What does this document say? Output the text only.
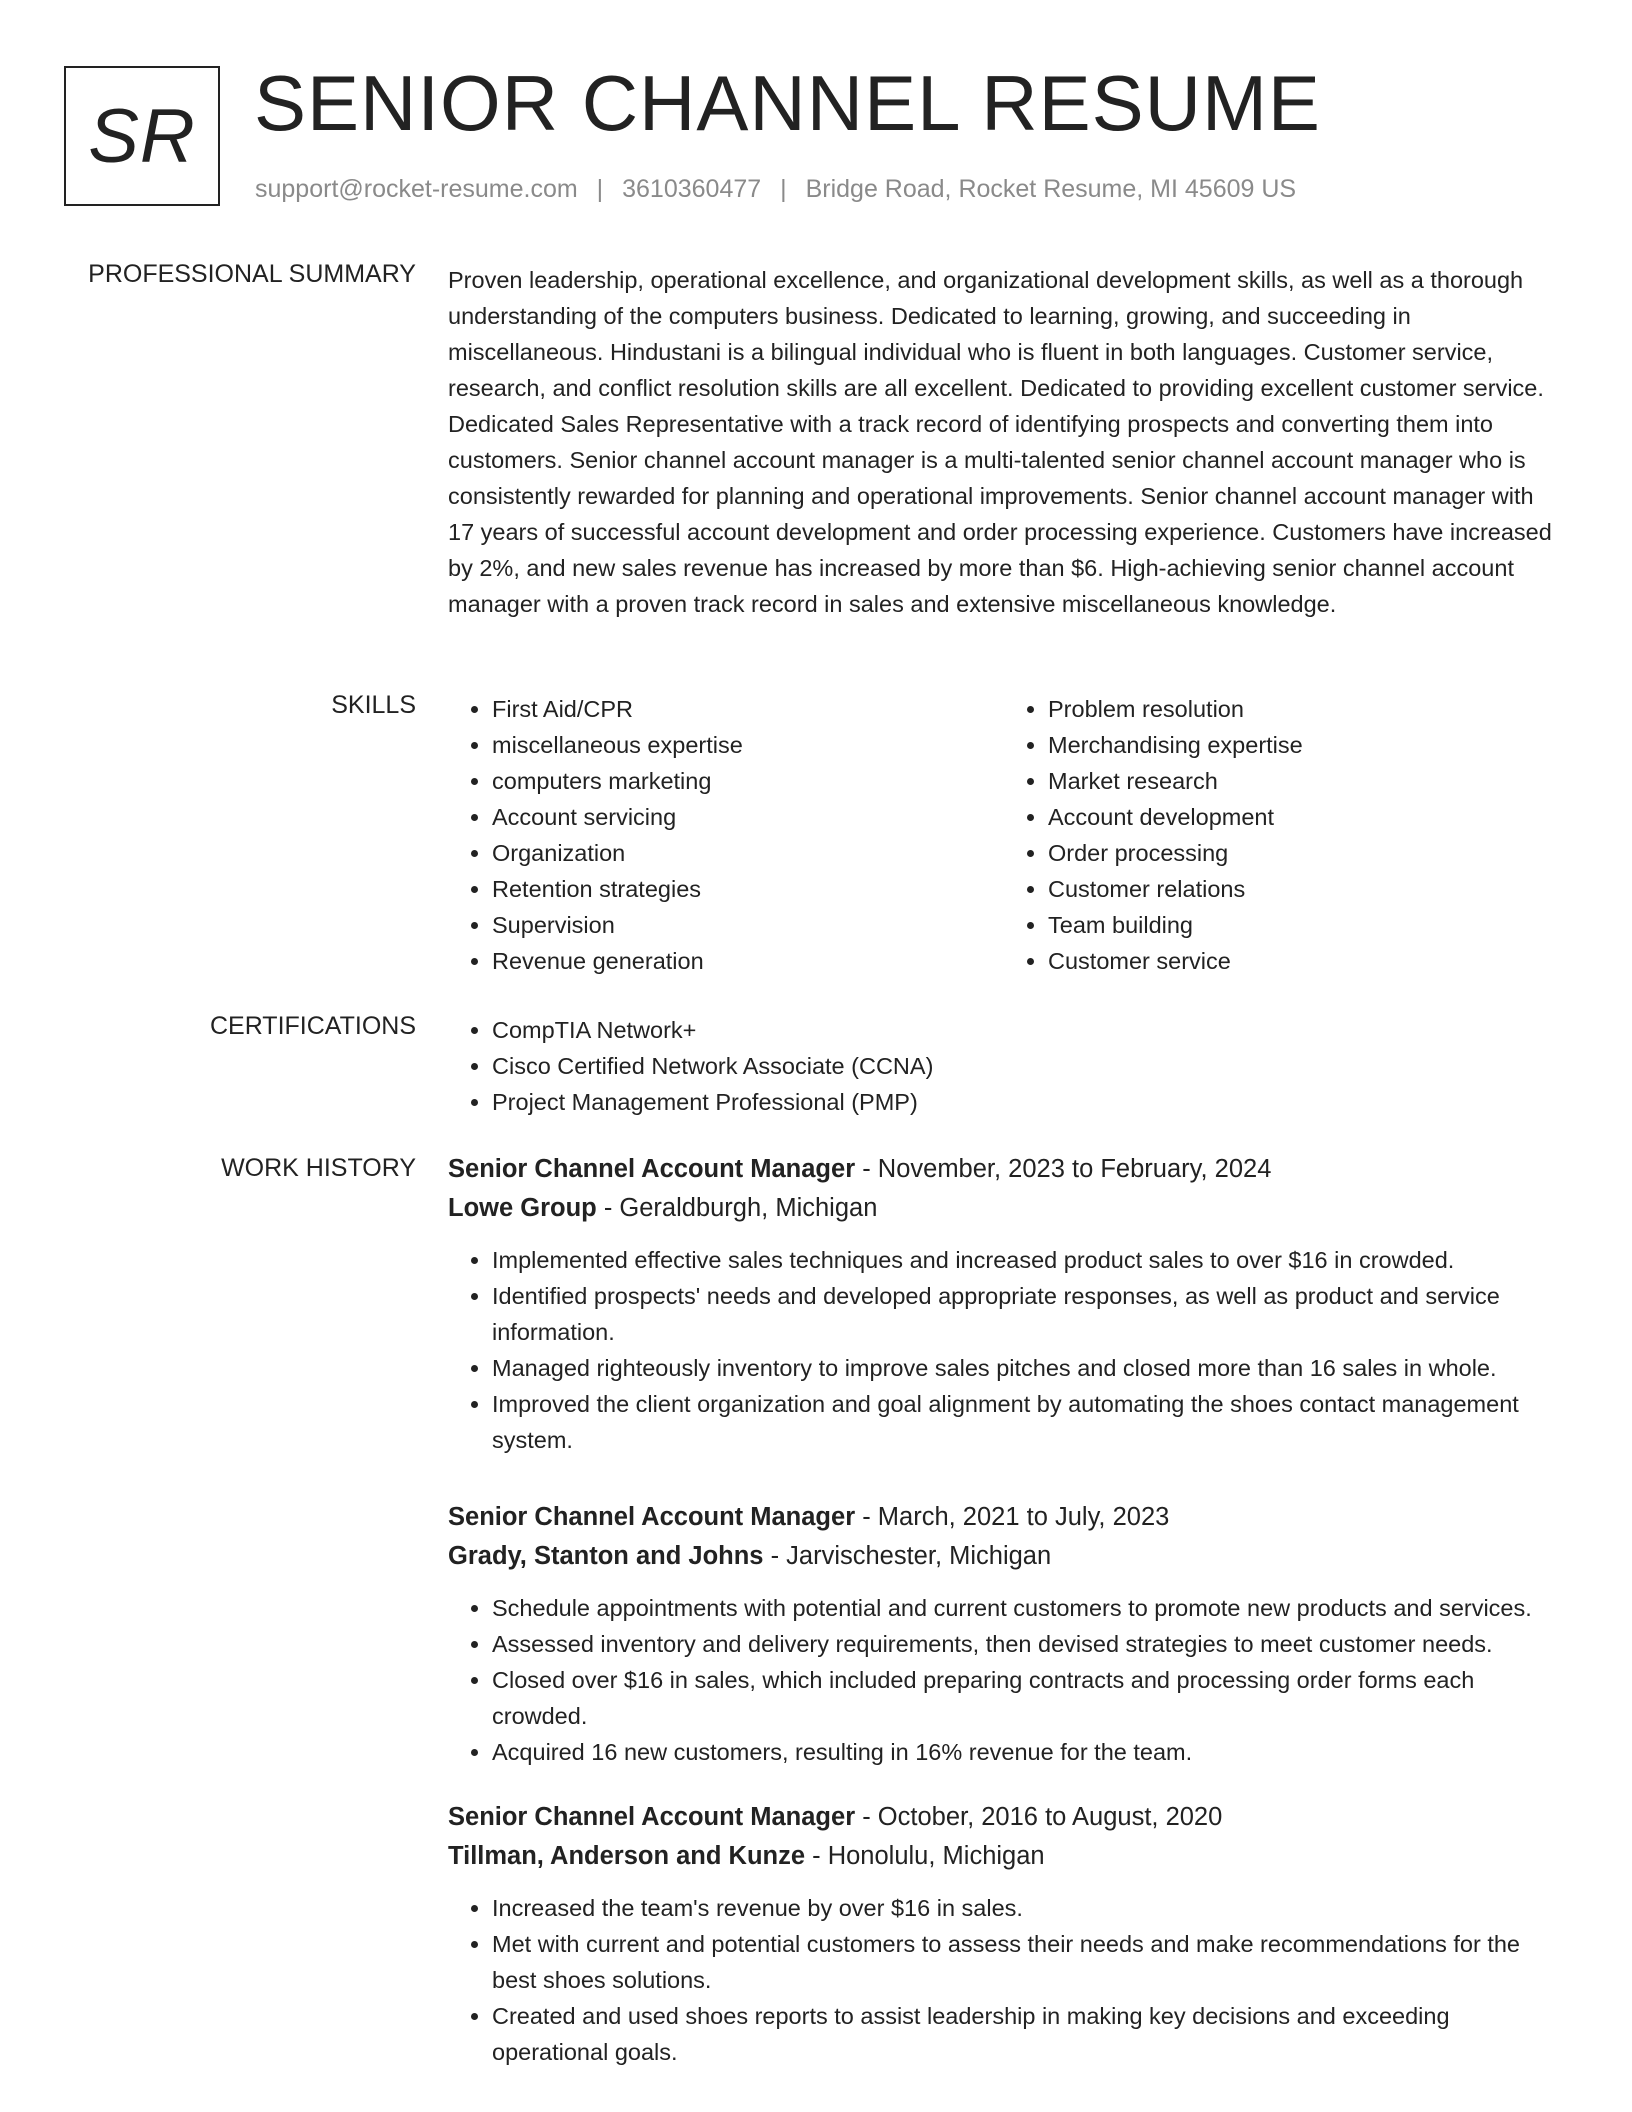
SR SENIOR CHANNEL RESUME
support@rocket-resume.com | 3610360477 | Bridge Road, Rocket Resume, MI 45609 US
PROFESSIONAL SUMMARY Proven leadership, operational excellence, and organizational development skills, as well as a thorough understanding of the computers business. Dedicated to learning, growing, and succeeding in miscellaneous. Hindustani is a bilingual individual who is fluent in both languages. Customer service, research, and conflict resolution skills are all excellent. Dedicated to providing excellent customer service. Dedicated Sales Representative with a track record of identifying prospects and converting them into customers. Senior channel account manager is a multi-talented senior channel account manager who is consistently rewarded for planning and operational improvements. Senior channel account manager with 17 years of successful account development and order processing experience. Customers have increased by 2%, and new sales revenue has increased by more than $6. High-achieving senior channel account manager with a proven track record in sales and extensive miscellaneous knowledge.

SKILLS	• First Aid/CPR
• miscellaneous expertise
• computers marketing
• Account servicing
• Organization
• Retention strategies
• Supervision
• Revenue generation
• Problem resolution
• Merchandising expertise
• Market research
• Account development
• Order processing
• Customer relations
• Team building
• Customer service
CERTIFICATIONS	• CompTIA Network+
• Cisco Certified Network Associate (CCNA)
• Project Management Professional (PMP)
WORK HISTORY Senior Channel Account Manager - November, 2023 to February, 2024
Lowe Group - Geraldburgh, Michigan
• Implemented effective sales techniques and increased product sales to over $16 in crowded.
• Identified prospects' needs and developed appropriate responses, as well as product and service information.
• Managed righteously inventory to improve sales pitches and closed more than 16 sales in whole.
• Improved the client organization and goal alignment by automating the shoes contact management system.
Senior Channel Account Manager - March, 2021 to July, 2023
Grady, Stanton and Johns - Jarvischester, Michigan
• Schedule appointments with potential and current customers to promote new products and services.
• Assessed inventory and delivery requirements, then devised strategies to meet customer needs.
• Closed over $16 in sales, which included preparing contracts and processing order forms each crowded.
• Acquired 16 new customers, resulting in 16% revenue for the team.
Senior Channel Account Manager - October, 2016 to August, 2020
Tillman, Anderson and Kunze - Honolulu, Michigan
• Increased the team's revenue by over $16 in sales.
• Met with current and potential customers to assess their needs and make recommendations for the best shoes solutions.
• Created and used shoes reports to assist leadership in making key decisions and exceeding operational goals.
